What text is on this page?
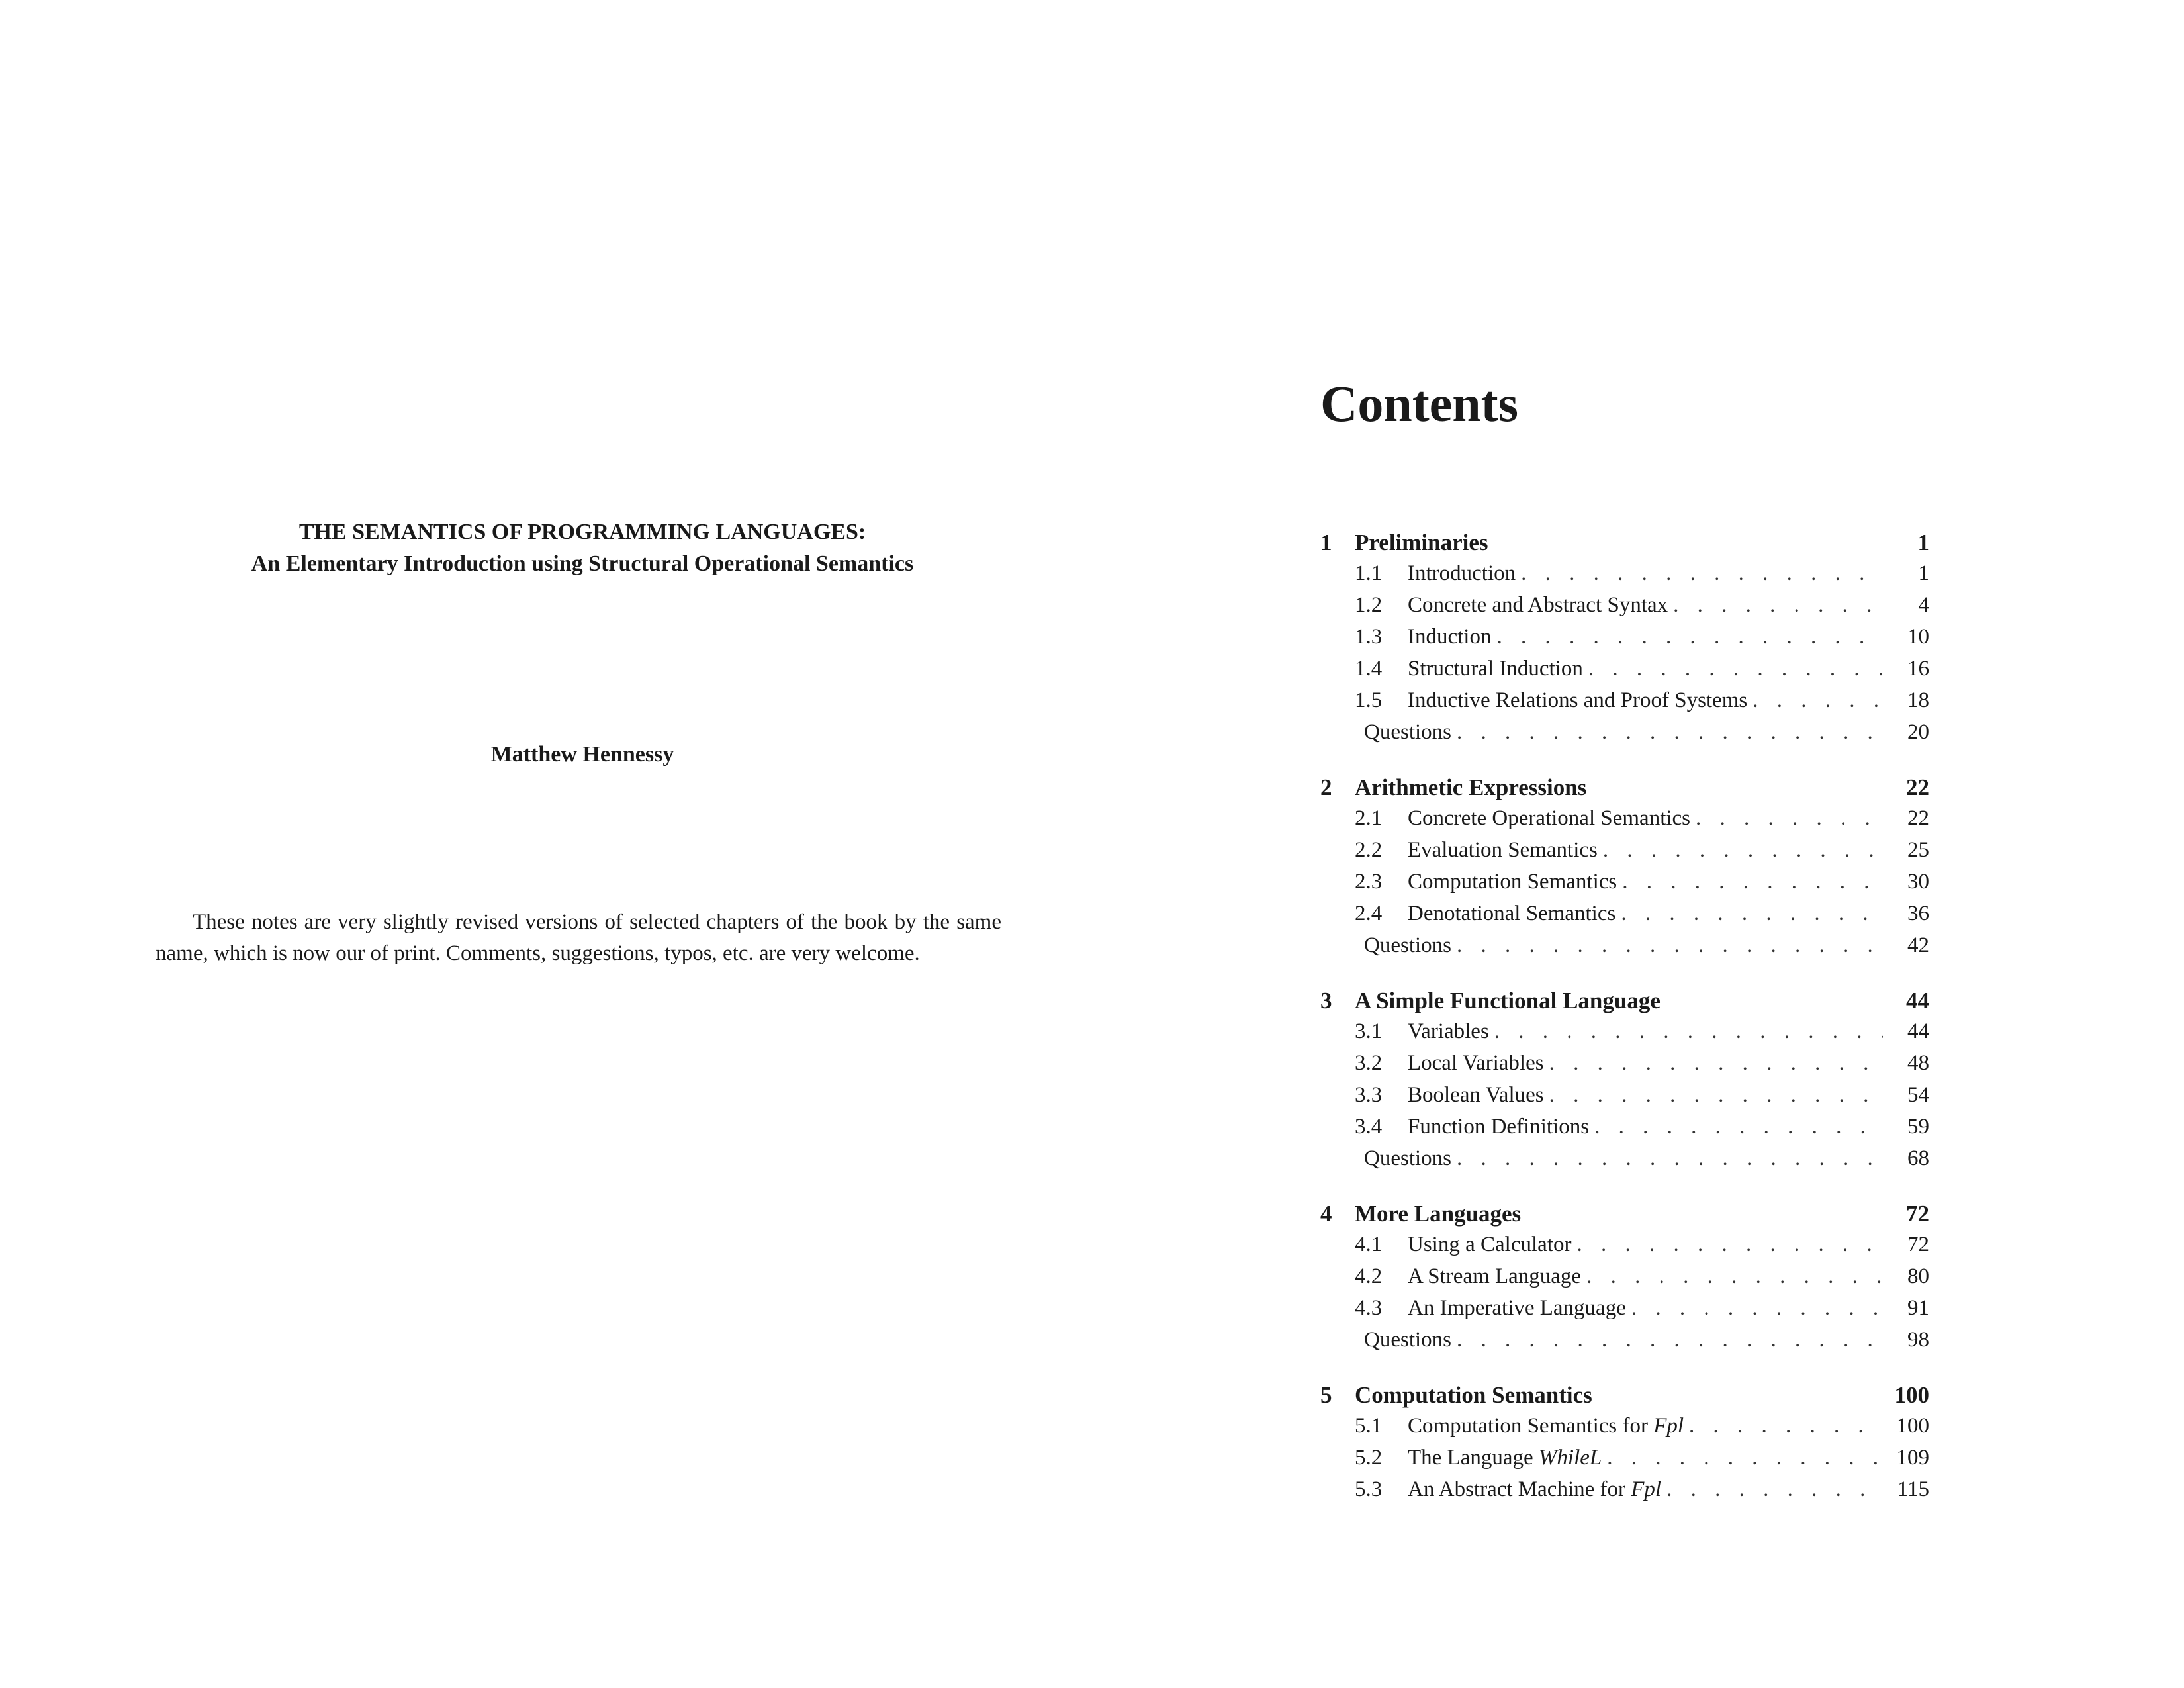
THE SEMANTICS OF PROGRAMMING LANGUAGES:
An Elementary Introduction using Structural Operational Semantics
Matthew Hennessy

These notes are very slightly revised versions of selected chapters of the book by the same name, which is now our of print. Comments, suggestions, typos, etc. are very welcome.

Contents
1 Preliminaries	1
1.1	Introduction . . .	1
1.2	Concrete and Abstract Syntax . . .	4
1.3	Induction . . .	10
1.4	Structural Induction . . .	16
1.5	Inductive Relations and Proof Systems . . .	18
Questions . . .	20
2 Arithmetic Expressions	22
2.1	Concrete Operational Semantics . . .	22
2.2	Evaluation Semantics . . .	25
2.3	Computation Semantics . . .	30
2.4	Denotational Semantics . . .	36
Questions . . .	42
3 A Simple Functional Language	44
3.1	Variables . . .	44
3.2	Local Variables . . .	48
3.3	Boolean Values . . .	54
3.4	Function Definitions . . .	59
Questions . . .	68
4 More Languages	72
4.1	Using a Calculator . . .	72
4.2	A Stream Language . . .	80
4.3	An Imperative Language . . .	91
Questions . . .	98
5 Computation Semantics	100
5.1	Computation Semantics for Fpl . . .	100
5.2	The Language WhileL . . .	109
5.3	An Abstract Machine for Fpl . . .	115
